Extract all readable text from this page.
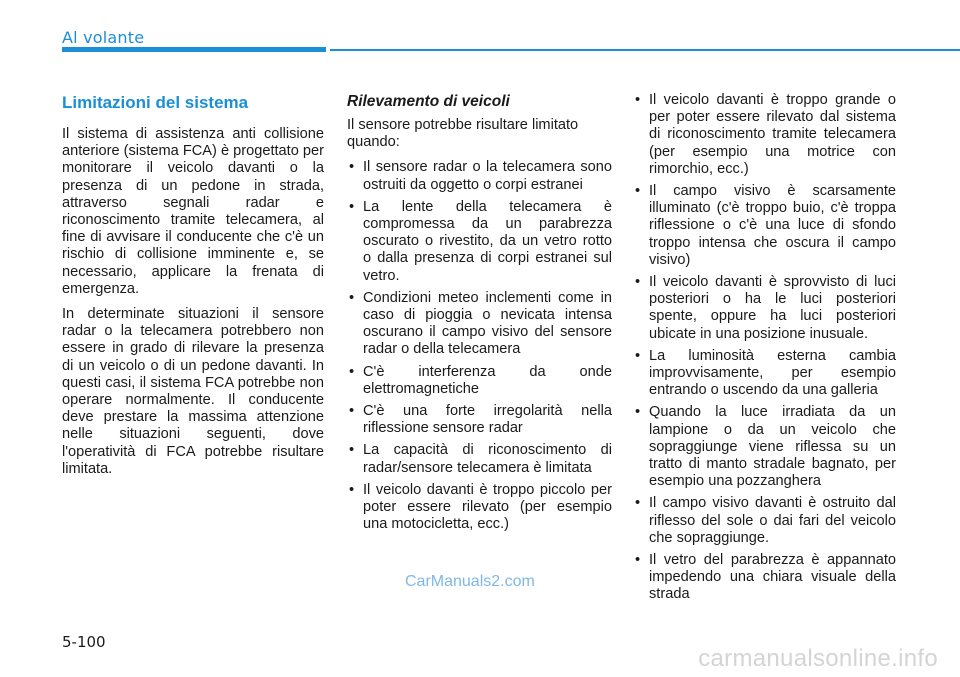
Al volante
Limitazioni del sistema

Il sistema di assistenza anti collisione anteriore (sistema FCA) è progettato per monitorare il veicolo davanti o la presenza di un pedone in strada, attraverso segnali radar e riconoscimento tramite telecamera, al fine di avvisare il conducente che c'è un rischio di collisione imminente e, se necessario, applicare la frenata di emergenza.

In determinate situazioni il sensore radar o la telecamera potrebbero non essere in grado di rilevare la presenza di un veicolo o di un pedone davanti. In questi casi, il sistema FCA potrebbe non operare normalmente. Il conducente deve prestare la massima attenzione nelle situazioni seguenti, dove l'operatività di FCA potrebbe risultare limitata.

Rilevamento di veicoli

Il sensore potrebbe risultare limitato quando:

• Il sensore radar o la telecamera sono ostruiti da oggetto o corpi estranei
• La lente della telecamera è compromessa da un parabrezza oscurato o rivestito, da un vetro rotto o dalla presenza di corpi estranei sul vetro.
• Condizioni meteo inclementi come in caso di pioggia o nevicata intensa oscurano il campo visivo del sensore radar o della telecamera
• C'è interferenza da onde elettromagnetiche
• C'è una forte irregolarità nella riflessione sensore radar
• La capacità di riconoscimento di radar/sensore telecamera è limitata
• Il veicolo davanti è troppo piccolo per poter essere rilevato (per esempio una motocicletta, ecc.)
• Il veicolo davanti è troppo grande o per poter essere rilevato dal sistema di riconoscimento tramite telecamera (per esempio una motrice con rimorchio, ecc.)
• Il campo visivo è scarsamente illuminato (c'è troppo buio, c'è troppa riflessione o c'è una luce di sfondo troppo intensa che oscura il campo visivo)
• Il veicolo davanti è sprovvisto di luci posteriori o ha le luci posteriori spente, oppure ha luci posteriori ubicate in una posizione inusuale.
• La luminosità esterna cambia improvvisamente, per esempio entrando o uscendo da una galleria
• Quando la luce irradiata da un lampione o da un veicolo che sopraggiunge viene riflessa su un tratto di manto stradale bagnato, per esempio una pozzanghera
• Il campo visivo davanti è ostruito dal riflesso del sole o dai fari del veicolo che sopraggiunge.
• Il vetro del parabrezza è appannato impedendo una chiara visuale della strada
CarManuals2.com
5-100
carmanualsonline.info
